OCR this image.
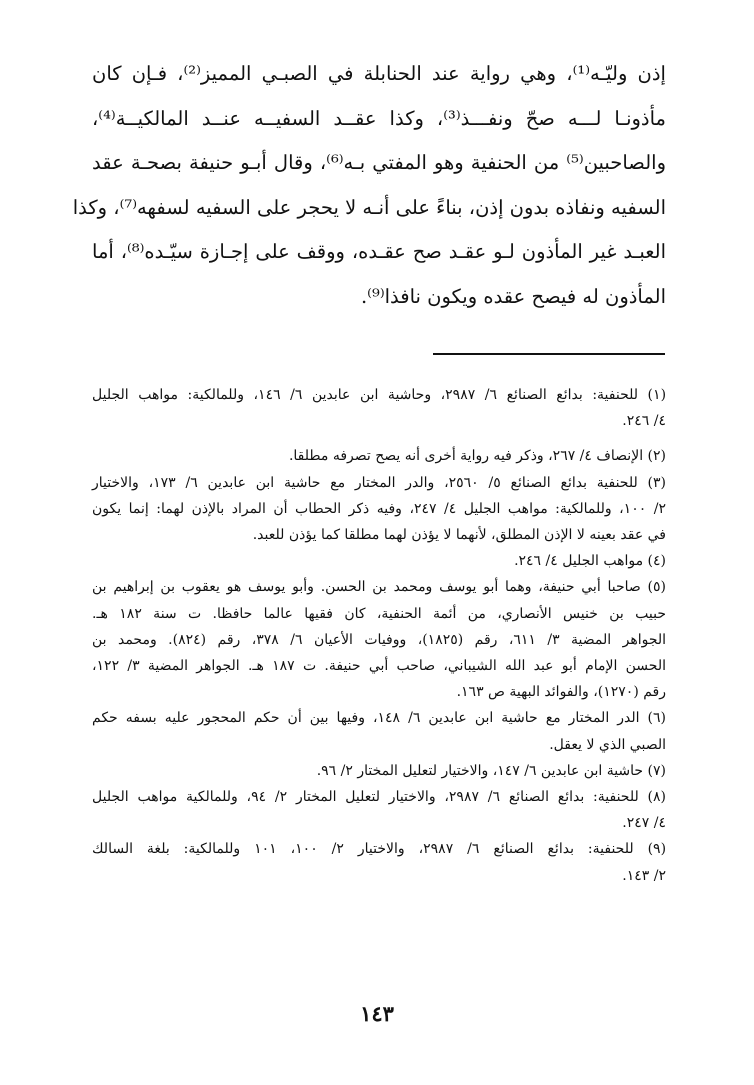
إذن وليّـه⁽¹⁾، وهي رواية عند الحنابلة في الصبـي المميز⁽²⁾، فـإن كان
مأذونـا لـــه صحّ ونفـــذ⁽³⁾، وكذا عقــد السفيــه عنــد المالكيــة⁽⁴⁾،
والصاحبين⁽⁵⁾ من الحنفية وهو المفتي بـه⁽⁶⁾، وقال أبـو حنيفة بصحـة عقد
السفيه ونفاذه بدون إذن، بناءً على أنـه لا يحجر على السفيه لسفهه⁽⁷⁾، وكذا
العبـد غير المأذون لـو عقـد صح عقـده، ووقف على إجـازة سيّـده⁽⁸⁾، أما
المأذون له فيصح عقده ويكون نافذا⁽⁹⁾.
(١) للحنفية: بدائع الصنائع ٦/ ٢٩٨٧، وحاشية ابن عابدين ٦/ ١٤٦، وللمالكية: مواهب الجليل
٤/ ٢٤٦.
(٢) الإنصاف ٤/ ٢٦٧، وذكر فيه رواية أخرى أنه يصح تصرفه مطلقا.
(٣) للحنفية بدائع الصنائع ٥/ ٢٥٦٠، والدر المختار مع حاشية ابن عابدين ٦/ ١٧٣، والاختيار
٢/ ١٠٠، وللمالكية: مواهب الجليل ٤/ ٢٤٧، وفيه ذكر الحطاب أن المراد بالإذن لهما: إنما يكون
في عقد بعينه لا الإذن المطلق، لأنهما لا يؤذن لهما مطلقا كما يؤذن للعبد.
(٤) مواهب الجليل ٤/ ٢٤٦.
(٥) صاحبا أبي حنيفة، وهما أبو يوسف ومحمد بن الحسن. وأبو يوسف هو يعقوب بن إبراهيم بن
حبيب بن خنيس الأنصاري، من أئمة الحنفية، كان فقيها عالما حافظا. ت سنة ١٨٢ هـ.
الجواهر المضية ٣/ ٦١١، رقم (١٨٢٥)، ووفيات الأعيان ٦/ ٣٧٨، رقم (٨٢٤). ومحمد بن
الحسن الإمام أبو عبد الله الشيباني، صاحب أبي حنيفة. ت ١٨٧ هـ. الجواهر المضية ٣/ ١٢٢،
رقم (١٢٧٠)، والفوائد البهية ص ١٦٣.
(٦) الدر المختار مع حاشية ابن عابدين ٦/ ١٤٨، وفيها بين أن حكم المحجور عليه بسفه حكم
الصبي الذي لا يعقل.
(٧) حاشية ابن عابدين ٦/ ١٤٧، والاختيار لتعليل المختار ٢/ ٩٦.
(٨) للحنفية: بدائع الصنائع ٦/ ٢٩٨٧، والاختيار لتعليل المختار ٢/ ٩٤، وللمالكية مواهب الجليل
٤/ ٢٤٧.
(٩) للحنفية: بدائع الصنائع ٦/ ٢٩٨٧، والاختيار ٢/ ١٠٠، ١٠١ وللمالكية: بلغة السالك
٢/ ١٤٣.
١٤٣
